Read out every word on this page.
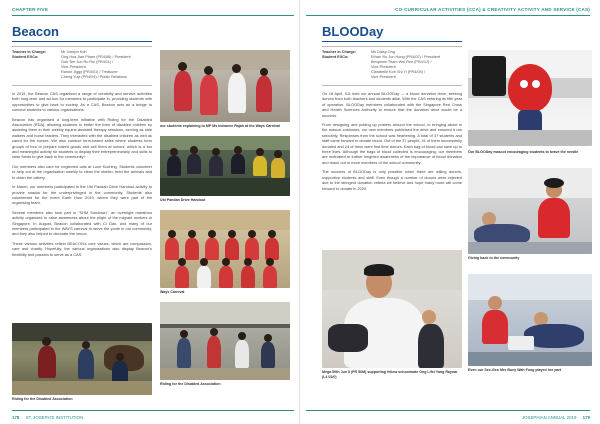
CHAPTER FIVE
Beacon
Teacher in Charge:
Student EXCo:
Mr Joseph Koh
Ong Hua Jian Pham (PR4/06) / President
Goh Tee Jun Ru Rui (PR4/11) /
Vice-President
Ranon Jiggy (PR4/01) / Treasurer
Cheng Yuyi (PR4/04) / Public Relations

In 2019, the Beacon CAS organised a range of creativity and service activities both long-term and ad-hoc for members to participate in, providing students with opportunities to give back to society. As a CAS, Beacon acts as a bridge to connect students to various organisations.

Beacon has organised a long-term initiative with Riding for the Disabled Association (RDA), allowing students to better the lives of disabled children by assisting them in their weekly equine-assisted therapy sessions, serving as side walkers and horse leaders. They interacted with the disabled children as well as cared for the horses. We also conduct term-based sales where students form groups of four to prepare baked goods and sell them at school, which is a fun and meaningful activity for students to display their entrepreneurship and skills to raise funds to give back to the community!

Our members also care for neglected cats at Love Kuching. Students volunteer to help out at the organisation weekly to clean the shelter, feed the animals and to clean the cattery.

In March, our members participated in the Ubi Pandan Drive Handout activity to provide snacks for the underprivileged in the community. Students also volunteered for the event Earth Hour 2019, where they were part of the organising team.

Several members also took part in "SHM Sundown", an overnight marathon activity organised to raise awareness about the plight of the migrant workers in Singapore. In August, Beacon collaborated with Ci Dan, and many of our members participated in the WAYS carnival to serve the youth in our community, and they also helped to decorate the venue.

These various activities reflect BEACON's core values, which are compassion, care and charity. Hopefully, the various organisations also display Beacon's flexibility and passion to serve as a CAS.

Riding for the Disabled Association
our students explaining to MP Ms Indranee Rajah at the Ways Carnival
Ubi Pandan Drive Handout
Ways Carnival
Riding for the Disabled Association
178 ST. JOSEPH'S INSTITUTION
CO-CURRICULAR ACTIVITIES (CCA) & CREATIVITY ACTIVITY AND SERVICE (CAS)
BLOODay
Teacher in Charge:
Student EXCo:
Ms Daisy Ong
Ethan Yiu Jun Hong (PR4/02) / President
Benjamin Tham Wei Ren (PR4/12) /
Vice-President
Clarabelle Koh Shi Yi (PR4/05) /
Vice-President

On 18 April, SJI held our annual BLOODay — a blood donation drive, seeking donors from both teachers and students alike. With the CAS entering its fifth year of operation, BLOODay members collaborated with the Singapore Red Cross and Health Sciences Authority to ensure that the donation drive would be a success.

From designing and putting up posters around the school, to bringing about in the mascot costumes, our new members publicised the drive and ensured it ran smoothly. Responses from the school was heartening. A total of 37 students and staff came forward to donate blood. Out of the 37 people, 41 of them successfully donated and 24 of them were first time donors. Each bag of blood can save up to three lives. Although the bags of blood collected is encouraging, our members are motivated to further heighten awareness of the importance of blood donation and reach out to more members of the school community.

The success of BLOODay is only possible when there are willing donors, supportive students and staff. Even though a number of donors were rejected due to the stringent donation criteria we believe and hope many more will come forward to donate in 2020.

Mega 50th Jun II (PR 50M) supporting fellow schoolmate Ong Lifei Yang Raynar (L4 02/0)
Our BLOODay mascot encouraging students to brave the needle
Giving back to the community
Even our Sec-Gen Mrs Buey Wah Fong played her part
JOSEPHIAN ANNUAL 2019 179
